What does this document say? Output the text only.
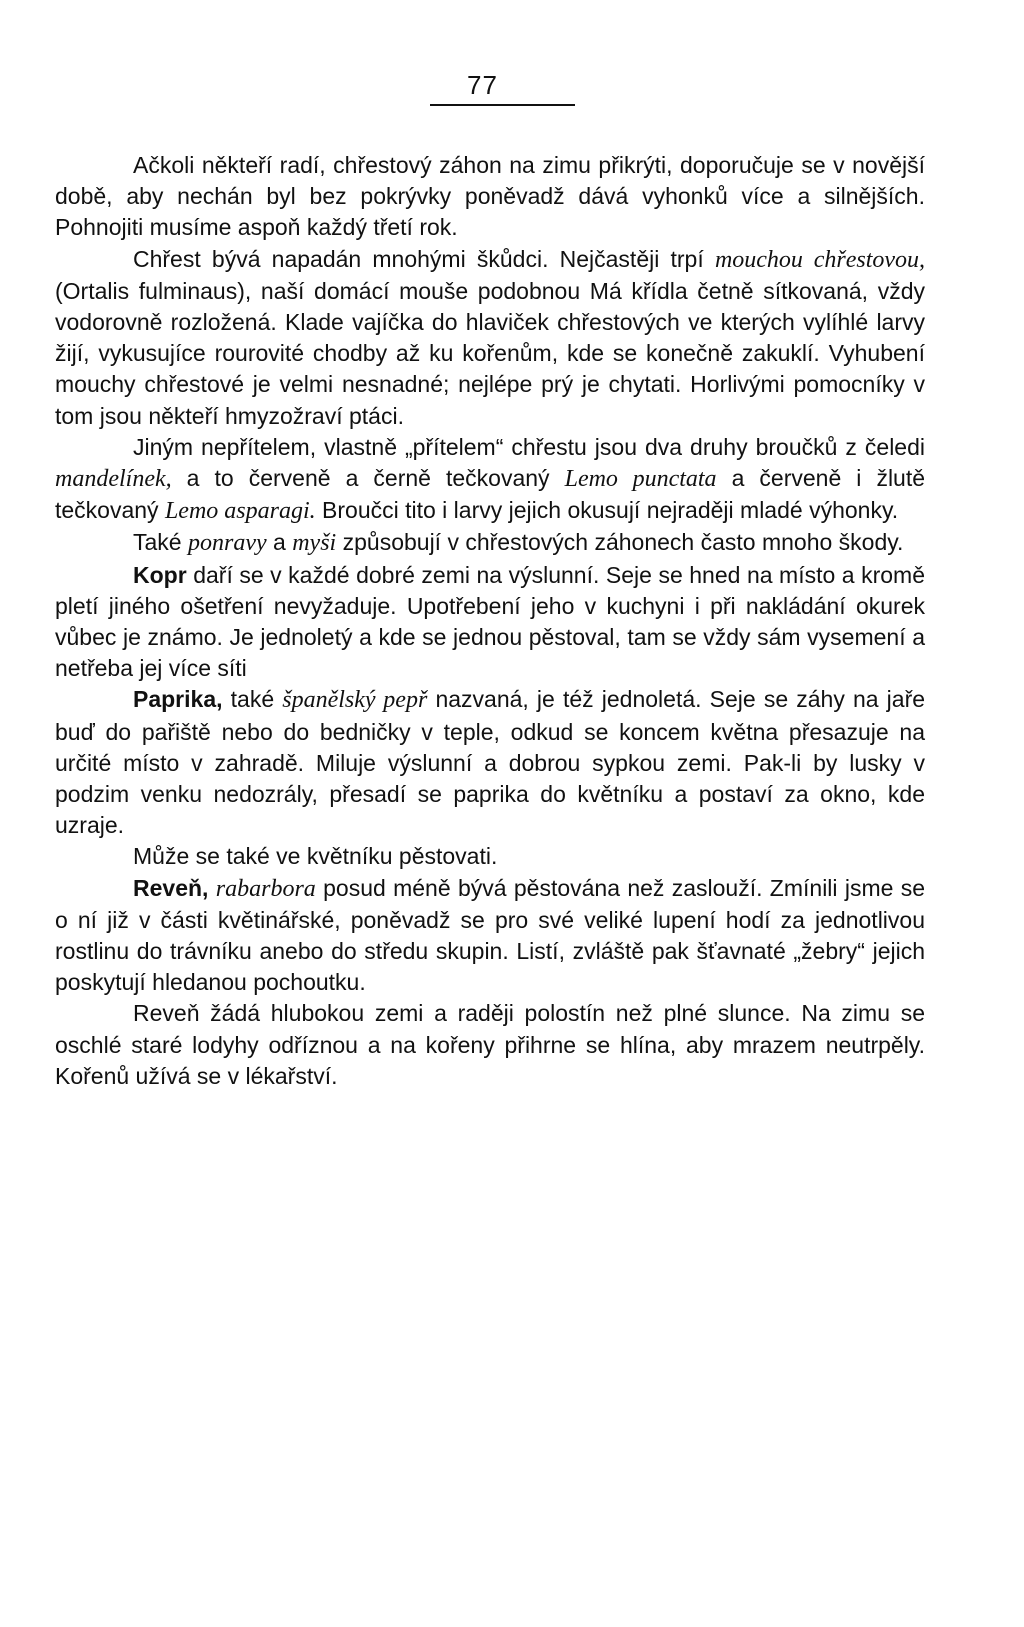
77

Ačkoli někteří radí, chřestový záhon na zimu přikrýti, doporučuje se v novější době, aby nechán byl bez pokrývky poněvadž dává vyhonků více a silnějších. Pohnojiti musíme aspoň každý třetí rok.

Chřest bývá napadán mnohými škůdci. Nejčastěji trpí mouchou chřestovou, (Ortalis fulminaus), naší domácí mouše podobnou Má křídla četně sítkovaná, vždy vodorovně rozložená. Klade vajíčka do hlaviček chřestových ve kterých vylíhlé larvy žijí, vykusujíce rourovité chodby až ku kořenům, kde se konečně zakuklí. Vyhubení mouchy chřestové je velmi nesnadné; nejlépe prý je chytati. Horlivými pomocníky v tom jsou někteří hmyzožraví ptáci.

Jiným nepřítelem, vlastně „přítelem“ chřestu jsou dva druhy broučků z čeledi mandelínek, a to červeně a černě tečkovaný Lemo punctata a červeně i žlutě tečkovaný Lemo asparagi. Broučci tito i larvy jejich okusují nejraději mladé výhonky.

Také ponravy a myši způsobují v chřestových záhonech často mnoho škody.

Kopr daří se v každé dobré zemi na výslunní. Seje se hned na místo a kromě pletí jiného ošetření nevyžaduje. Upotřebení jeho v kuchyni i při nakládání okurek vůbec je známo. Je jednoletý a kde se jednou pěstoval, tam se vždy sám vysemení a netřeba jej více síti

Paprika, také španělský pepř nazvaná, je též jednoletá. Seje se záhy na jaře buď do pařiště nebo do bedničky v teple, odkud se koncem května přesazuje na určité místo v zahradě. Miluje výslunní a dobrou sypkou zemi. Pak-li by lusky v podzim venku nedozrály, přesadí se paprika do květníku a postaví za okno, kde uzraje.

Může se také ve květníku pěstovati.

Reveň, rabarbora posud méně bývá pěstována než zaslouží. Zmínili jsme se o ní již v části květinářské, poněvadž se pro své veliké lupení hodí za jednotlivou rostlinu do trávníku anebo do středu skupin. Listí, zvláště pak šťavnaté „žebry“ jejich poskytují hledanou pochoutku.

Reveň žádá hlubokou zemi a raději polostín než plné slunce. Na zimu se oschlé staré lodyhy odříznou a na kořeny přihrne se hlína, aby mrazem neutrpěly. Kořenů užívá se v lékařství.
